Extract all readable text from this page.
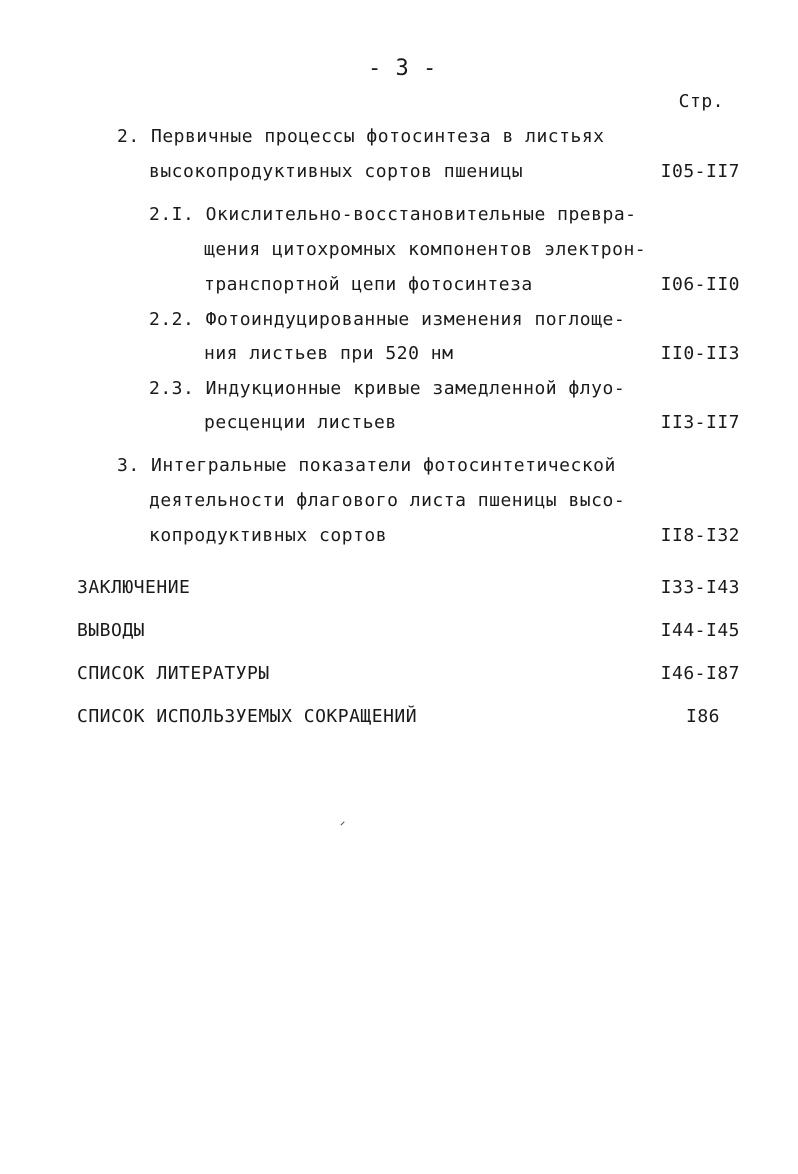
- 3 -
Стр.
2. Первичные процессы фотосинтеза в листьях
высокопродуктивных сортов пшеницы	I05-II7
2.I. Окислительно-восстановительные превра-
щения цитохромных компонентов электрон-
транспортной цепи фотосинтеза	I06-II0
2.2. Фотоиндуцированные изменения поглоще-
ния листьев при 520 нм	II0-II3
2.3. Индукционные кривые замедленной флуо-
ресценции листьев	II3-II7
3. Интегральные показатели фотосинтетической
деятельности флагового листа пшеницы высо-
копродуктивных сортов	II8-I32
ЗАКЛЮЧЕНИЕ	I33-I43
ВЫВОДЫ	I44-I45
СПИСОК ЛИТЕРАТУРЫ	I46-I87
СПИСОК ИСПОЛЬЗУЕМЫХ СОКРАЩЕНИЙ	I86
